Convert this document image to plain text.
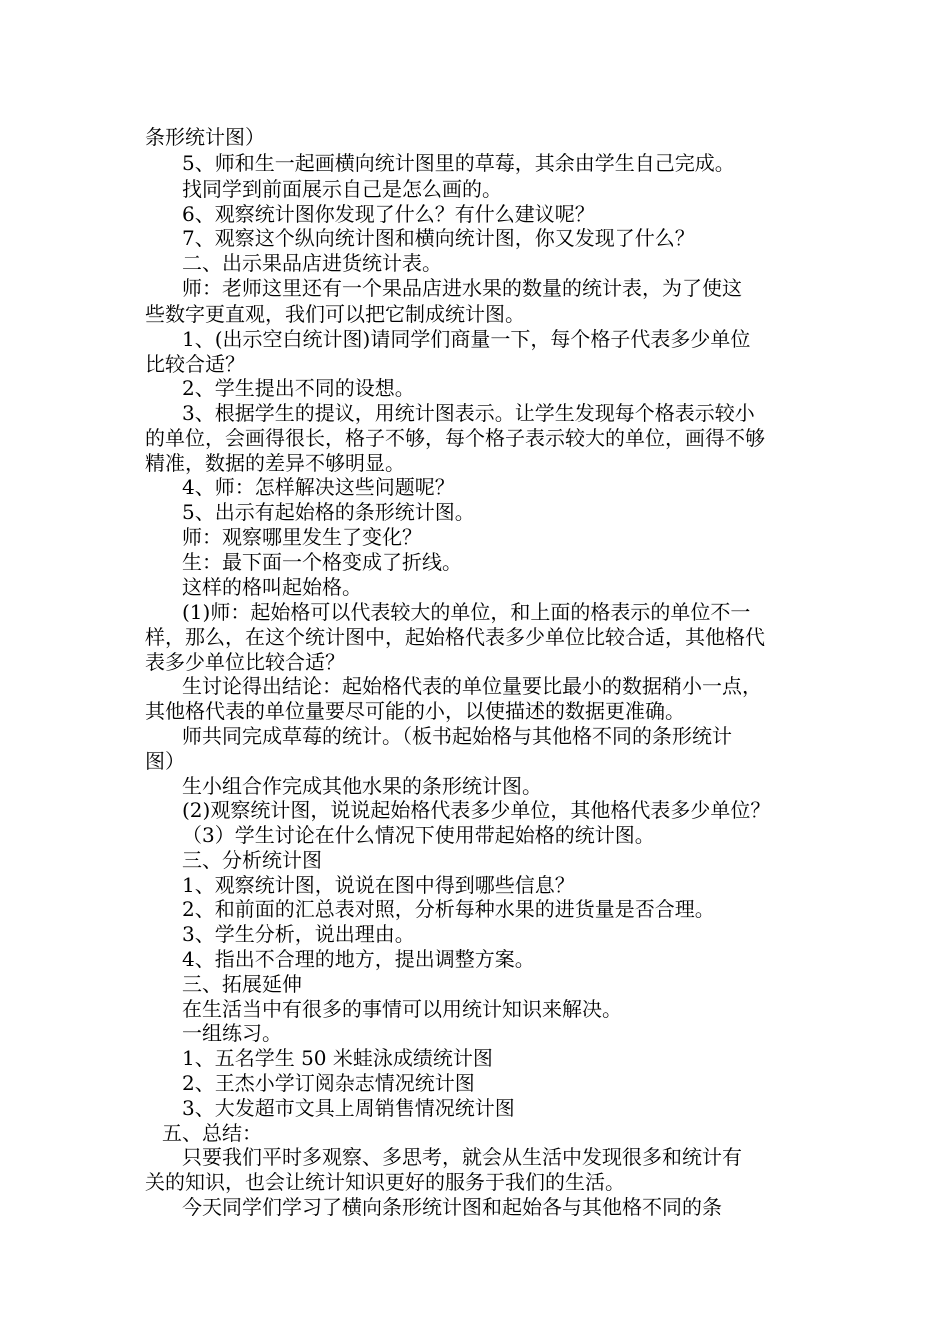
条形统计图）
5、师和生一起画横向统计图里的草莓，其余由学生自己完成。
找同学到前面展示自己是怎么画的。
6、观察统计图你发现了什么？有什么建议呢？
7、观察这个纵向统计图和横向统计图，你又发现了什么？
二、出示果品店进货统计表。
师：老师这里还有一个果品店进水果的数量的统计表，为了使这
些数字更直观，我们可以把它制成统计图。
1、(出示空白统计图)请同学们商量一下，每个格子代表多少单位
比较合适？
2、学生提出不同的设想。
3、根据学生的提议，用统计图表示。让学生发现每个格表示较小
的单位，会画得很长，格子不够，每个格子表示较大的单位，画得不够
精准，数据的差异不够明显。
4、师：怎样解决这些问题呢？
5、出示有起始格的条形统计图。
师：观察哪里发生了变化？
生：最下面一个格变成了折线。
这样的格叫起始格。
(1)师：起始格可以代表较大的单位，和上面的格表示的单位不一
样，那么，在这个统计图中，起始格代表多少单位比较合适，其他格代
表多少单位比较合适？
生讨论得出结论：起始格代表的单位量要比最小的数据稍小一点，
其他格代表的单位量要尽可能的小，以使描述的数据更准确。
师共同完成草莓的统计。（板书起始格与其他格不同的条形统计
图）
生小组合作完成其他水果的条形统计图。
(2)观察统计图，说说起始格代表多少单位，其他格代表多少单位？
（3）学生讨论在什么情况下使用带起始格的统计图。
三、分析统计图
1、观察统计图，说说在图中得到哪些信息？
2、和前面的汇总表对照，分析每种水果的进货量是否合理。
3、学生分析，说出理由。
4、指出不合理的地方，提出调整方案。
三、拓展延伸
在生活当中有很多的事情可以用统计知识来解决。
一组练习。
1、五名学生 50 米蛙泳成绩统计图
2、王杰小学订阅杂志情况统计图
3、大发超市文具上周销售情况统计图
五、总结：
只要我们平时多观察、多思考，就会从生活中发现很多和统计有
关的知识，也会让统计知识更好的服务于我们的生活。
今天同学们学习了横向条形统计图和起始各与其他格不同的条
